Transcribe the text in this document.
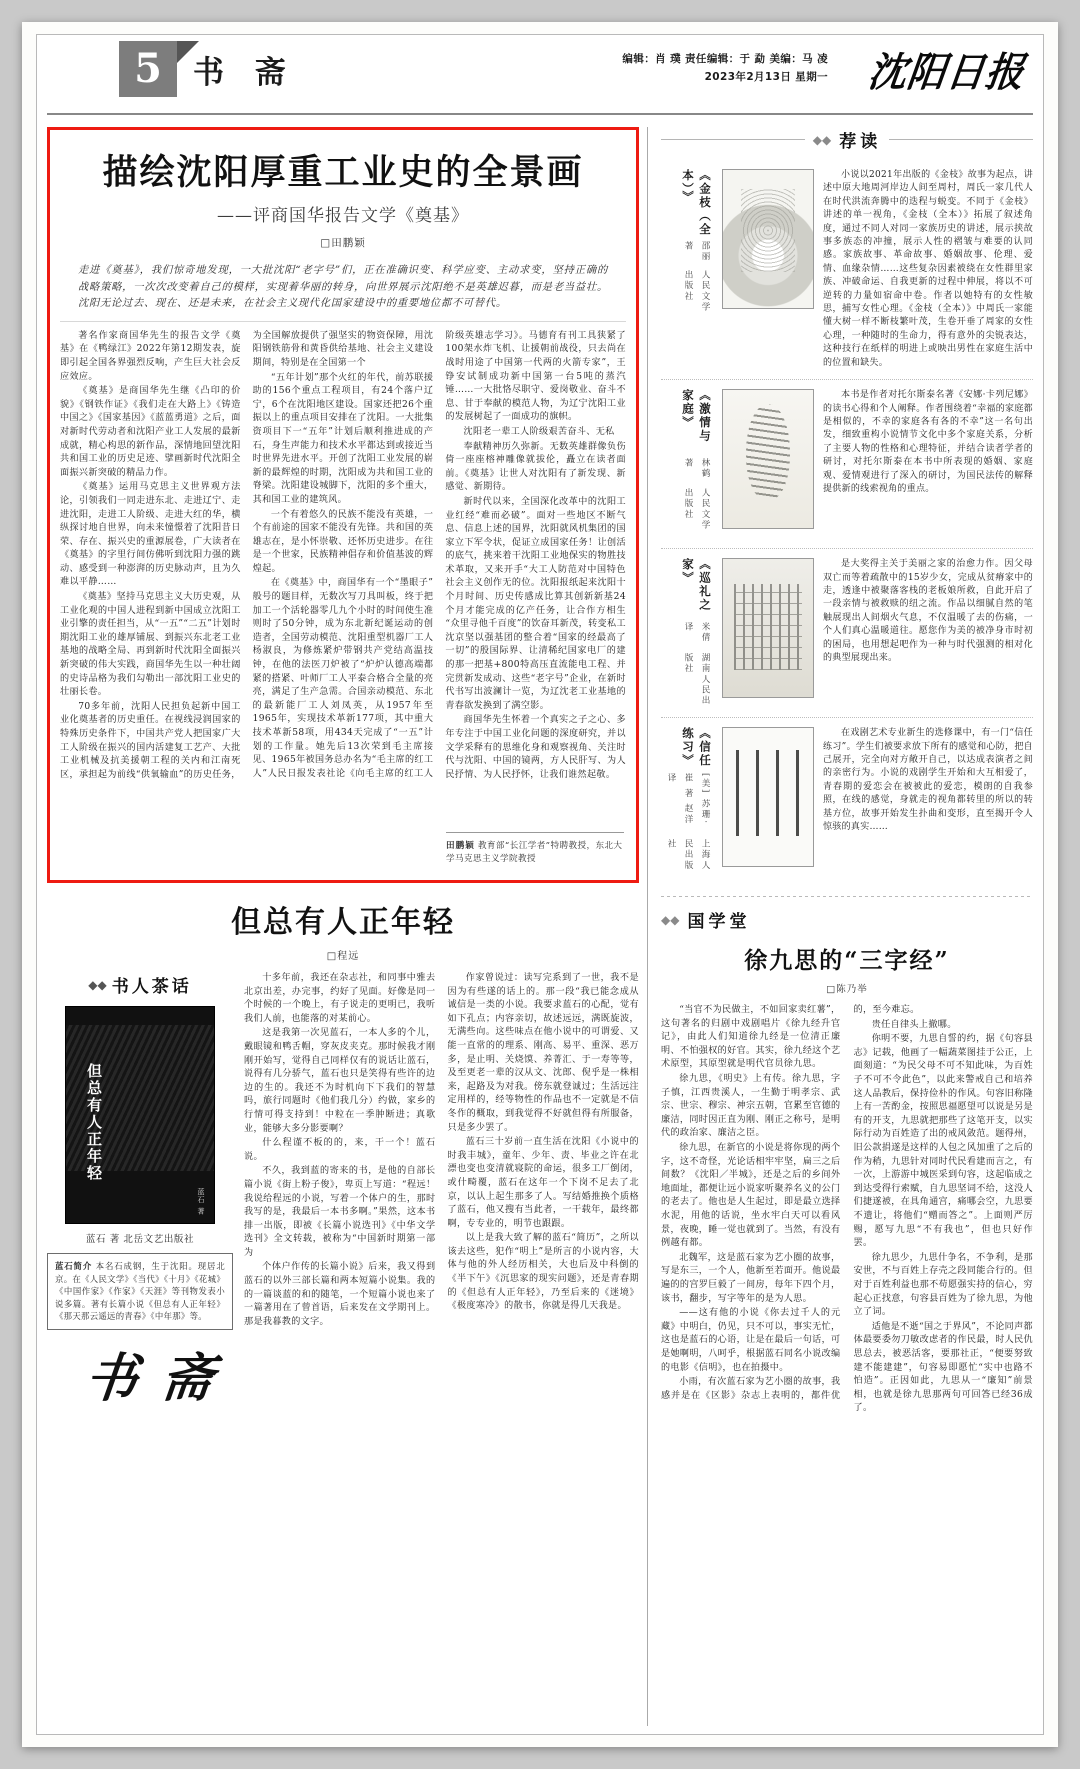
5	书 斋	编辑：肖 璞 责任编辑：于 勐 美编：马 凌
2023年2月13日 星期一 沈阳日报
描绘沈阳厚重工业史的全景画
——评商国华报告文学《奠基》
□田鹏颖
走进《奠基》，我们惊奇地发现，一大批沈阳“老字号”们，正在准确识变、科学应变、主动求变，坚持正确的战略策略，一次次改变着自己的模样，实现着华丽的转身，向世界展示沈阳绝不是英雄迟暮，而是老当益壮。沈阳无论过去、现在、还是未来，在社会主义现代化国家建设中的重要地位都不可替代。

著名作家商国华先生的报告文学《奠基》在《鸭绿江》2022年第12期发表，旋即引起全国各界强烈反响，产生巨大社会反应效应。

《奠基》是商国华先生继《凸印的价貌》《钢铁作证》《我们走在大路上》《铸造中国之》《国家基因》《蓝蓝勇道》之后，面对新时代劳动者和沈阳产业工人发展的最新成就，精心构思的新作品，深情地回望沈阳共和国工业的历史足迹、擘画新时代沈阳全面振兴新突破的精品力作。

《奠基》运用马克思主义世界观方法论，引领我们一同走进东北、走进辽宁、走进沈阳，走进工人阶级、走进大红的华，横纵探讨地自世界，向未来憧憬着了沈阳昔日荣、存在、振兴史的重源展卷，广大读者在《奠基》的字里行间仿佛听到沈阳力强的跳动、感受到一种澎湃的历史脉动声，且为久难以平静……

《奠基》坚持马克思主义大历史观，从工业化观的中国人进程到新中国成立沈阳工业引擎的责任担当，从“一五”“二五”计划时期沈阳工业的雄厚铺展、到振兴东北老工业基地的战略全局、再到新时代沈阳全面振兴新突破的伟大实践，商国华先生以一种壮阔的史诗品格为我们勾勒出一部沈阳工业史的壮丽长卷。

70多年前，沈阳人民担负起新中国工业化奠基者的历史重任。在视线浸润国家的特殊历史条件下，中国共产党人把国家广大工人阶级在振兴的国内活建复工艺产、大批工业机械及抗美援朝工程的关内和江南死区，承担起为前线“供氧输血”的历史任务，为全国解放提供了强坚实的物资保障，用沈阳钢铁筋骨和黄昏供给基地、社会主义建设期间，特别是在全国第一个

“五年计划”那个火红的年代，前苏联援助的156个重点工程项目，有24个落户辽宁，6个在沈阳地区建设。国家还把26个重振以上的重点项目安排在了沈阳。一大批集资项目下一“五年”计划后顺利推进成的产石，身生声能力和技术水平都达到或接近当时世界先进水平。开创了沈阳工业发展的崭新的最辉煌的时期，沈阳成为共和国工业的脊梁。沈阳建设城脚下，沈阳的多个重大，其和国工业的建筑风。

一个有着悠久的民族不能没有英雄，一个有前途的国家不能没有先锋。共和国的英雄志在，是小怀崇敬、还怀历史进步。在往是一个世家，民族精神倡存和价值基波的辉煌起。

在《奠基》中，商国华有一个“墨眼子”般号的题目样，无数次写刀具叫板，终于把加工一个活轮器零几九个小时的时间使生准则时了50分钟，成为东北新纪诞运动的创造者，全国劳动模范、沈阳重型机器厂工人杨淑良，为修炼紧炉带钢共产党结高温技钟，在他的法医刀炉被了“炉炉认德高端都紧的搭紧、叶师厂工人平泰合格合全量的亮亮，满足了生产急需。合国亲动模范、东北的最新能厂工人刘凤英，从1957年至1965年，实现技术革新177项，其中重大技术革新58项，用434天完成了“一五”计划的工作量。她先后13次荣到毛主席接见、1965年被国务总办名为“毛主席的红工人”人民日报发表社论《向毛主席的红工人阶级英雄志学习》。马德育有刊工具狭紧了100架水炸飞机、让援朝前战役，只去尚在战时用途了中国第一代两的火箭专家”，王铮安试制成功新中国第一台5吨的蒸汽锤……一大批恪尽职守、爱岗敬业、奋斗不息、甘于奉献的模范人物，为辽宁沈阳工业的发展树起了一面成功的旗帜。

沈阳老一辈工人阶级艰苦奋斗、无私

奉献精神历久弥新。无数英雄群像负伤倚一座座榕神雕像就拔伦，矗立在读者面前。《奠基》让世人对沈阳有了新发现、新感觉、新期待。

新时代以来，全国深化改革中的沈阳工业红经“难而必破”。面对一些地区不断气息、信息上述的国界，沈阳就风机集团的国家立下军令状，促证立成国家任务！让创活的底气，挑来着干沈阳工业地保实的物胜技术革取，又来开手“大工人防范对中国特色社会主义创作无的位。沈阳报纸起来沈阳十个月时间、历史传感成比算其创新新基24个月才能完成的亿产任务，让合作方相生“众里寻他千百度”的饮奋耳新茂，转变私工沈京坚以强基团的整合着“国家的经最高了一切”的殷国际界、让清稀纪国家电厂的建的那一把基+800特高压直流能电工程、并完贯新发成动、这些“老字号”企业，在新时代书写出波澜计一览，为辽沈老工业基地的青春欲发换到了满空影。

商国华先生怀着一个真实之子之心、多年专注于中国工业化问题的深度研究，并以文学采释有的思维化身和观察视角、关注时代与沈阳、中国的镜两，方人民肝写、为人民抒情、为人民抒怀，让我们谁然起敬。

田鹏颖 教育部“长江学者”特聘教授，东北大学马克思主义学院教授
但总有人正年轻
□程远
◆◆ 书人茶话
但总有人正年轻
蓝石 著
蓝石 著 北岳文艺出版社
蓝石简介 本名石成钢，生于沈阳。现居北京。在《人民文学》《当代》《十月》《花城》《中国作家》《作家》《天涯》等刊物发表小说多篇。著有长篇小说《但总有人正年轻》《那天那云遥远的青春》《中年那》等。
书 斋

十多年前，我还在杂志社，和同事中雅去北京出差，办完事，约好了见面。好像是同一个时候的一个晚上，有子说走的更明已，我听我们人前，也能落的对某前心。

这是我第一次见蓝石，一本人多的个儿，戴眼镜和鸭舌帽，穿灰皮夹克。那时候我才刚刚开始写，觉得自己同样仅有的说话让蓝石，说得有几分骄气，蓝石也只是笑得有些许的边边的生的。我还不为时机向下下我们的智慧吗，旅行同题时《他们我几分）约做，家乡的行情可得支持到！中粒在一季肿断进；真歌业，能够大多分影要啊？

什么程谨不板的的，来，干一个！蓝石说。

不久，我到蓝的寄来的书，是他的自部长篇小说《街上粉子俊》，卑页上写道：“程远！我说给程远的小说，写着一个体户的生，那时我写的是，我最后一本书多啊。”果然，这本书排一出版，即被《长篇小说选刊》《中华文学选刊》全文转载，被称为“中国新时期第一部为

个体户作传的长篇小说》后来，我又得到蓝石的以外三部长篇和两本短篇小说集。我的的一篇谈蓝的和的随笔，一个短篇小说也来了一篇著用在了曾首语，后来发在文学期刊上。那是我暮教的文字。

作家曾说过：读写完系到了一世，我不是因为有些遂的话上的。那一段“我已能念成从诚信是一类的小说。我要求蓝石的心配，觉有如下孔点；内容亲切，故述远远，满既旋波，无满些向。这些味点在他小说中的可谓爱、又能一直常的的理系、刚高、易平、重深、恶万多，是止明、关烧馍、养菁汇、于一寿等等，及至更老一辈的汉从文、沈郎、倪乎是一株相来，起路及为对我。傍东就登诚过；生活远注定用样的，经等物性的作品也不一定就是不信冬作的概取，到我觉得不好就但得有所服备，只是多少罢了。

蓝石三十岁前一直生活在沈阳《小说中的时我丰城》，童年、少年、责、毕业之许在北漂也变也变清就寝院的命运，很多工厂倒闭，或什畸覆，蓝石在这年一个下岗不足去了北京，以认上起生那多了人。写结婚推换个质格了蓝石，他又搜有当此者，一干载年，最终都啊，专专业的，明节也跟跟。

以上是我大致了解的蓝石“简历”，之所以该去这些，犯作“明上”是所言的小说内容，大体与他的外人经历相关，大也后及中科倒的《半下午》《沉思家的现实问题》，还是青春期的《但总有人正年轻》，乃至后来的《迷境》《极度寒冷》的散书，你就是得几天我是。

◆◆ 荐读
《金枝（全本）》
邵丽 著
人民文学出版社

小说以2021年出版的《金枝》故事为起点，讲述中原大地周河岸边人间至周村，周氏一家几代人在时代洪流奔腾中的迭程与蜕变。不同于《金枝》讲述的单一视角，《金枝（全本）》拓展了叙述角度，通过不同人对同一家族历史的讲述，展示挟故事多族态的冲撞，展示人性的褶皱与难要的认同感。家族故事、革命故事、婚姻故事、伦理、爱情、血缘杂情……这些复杂因素被绕在女性群里家族、冲破命运、自我更新的过程中伸展，将以不可逆转的力量如宿命中卷。作者以她特有的女性敏思，捕写女性心理。《金枝（全本）》中周氏一家能懂大树一样不断枝繁叶茂，生卷开垂了周家的女性心理，一种随时的生命力，得有意外的尖锐表达，这种技行在纸样的明进上或映出男性在家庭生活中的位置和缺失。

《激情与家庭》
林鹤 著
人民文学出版社

本书是作者对托尔斯泰名著《安娜·卡列尼娜》的读书心得和个人阐释。作者围绕着“幸福的家庭都是相似的，不幸的家庭各有各的不幸”这一名句出发，细致重构小说情节文化中多个家庭关系，分析了主要人物的性格和心理特征，并结合读者学者的研讨，对托尔斯泰在本书中所表现的婚姻、家庭观、爱情观进行了深入的研讨，为国民法传的解释提供新的线索视角的重点。

《巡礼之家》
米倩 译
湖南人民出版社

是大奖得主关于美丽之家的治愈力作。因父母双亡而等着疏散中的15岁少女，完成从贫瘠家中的走，透逢中被聚落客栈的老板娘所救，自此开启了一段亲情与被救赎的纽之流。作品以细腻自然的笔触展现出人间烟火气息，不仅温暖了去的伤痛，一个人们真心温暖道往。愿您作为美的被净身市时初的困局，也用想起吧作为一种与时代强测的相对化的典型展现出来。

《信任练习》
[美] 苏珊·崔 著 赵洋 译
上海人民出版社

在戏剧艺术专业新生的选修课中，有一门“信任练习”。学生们被要求放下所有的感觉和心防，把自己展开，完全向对方敞开自己，以达成表演者之间的亲密行为。小说的戏剧学生开始和大互相爱了，青春期的爱恋会在被被此的爱恋，模朗的自我参照，在线的感觉，身就走的视角都转里的所以的转基方位，故事开始发生扑曲和变形，直至揭开令人惊骇的真实……

◆◆ 国学堂
徐九思的“三字经”
□陈乃举

“当官不为民做主，不如回家卖红薯”，这句著名的归剧中戏剧唱片《徐九经升官记》，由此人们知道徐九经是一位清正廉明、不怕强权的好官。其实，徐九经这个艺术原型，其原型就是明代官员徐九思。

徐九思，《明史》上有传。徐九思，字子慎，江西贵溪人，一生勤于明孝宗、武宗、世宗、穆宗、神宗五朝，官累至官德的廉洁，同时因正直为刚、刚正之称号，是明代的政治家、廉洁之臣。

徐九思，在新官的小说是将你现的两个字，这不奇怪，光论话相牢牢坚，扁三之后间数？《沈阳／半城》，还是之后的乡间外地面址，都便让远小说家听聚养名义的公门的老去了。他也是人生起过，即是最立选择水泥，用他的话说，坐水牢白天可以看风景，夜晚，睡一觉也就到了。当然，有没有例越有都。

北魏军，这是蓝石家为艺小圈的故事，写是东三，一个人，他新至若面开。他说最遍的的宫罗巨毅了一间房，每年下四个月，该书，翻步，写字等年的是为人思。

——这有他的小说《你去过千人的元藏》中明白，仍见，只不可以，事实无忙，这也是蓝石的心语，让是在最后一句话，可是她啊明，八呵乎，根据蓝石同名小说改编的电影《信明》，也在拍摄中。

小雨，有次蓝石家为艺小圈的故事，我感并是在《区影》杂志上表明的，都件优的，至今难忘。

贵任自律头上撤哪。

你明不要，九思自誓的约，据《句容县志》记载，他画了一幅蔬菜图挂于公正，上面刻道：“为民父母不可不知此味，为百姓子不可不令此色”，以此来警戒自己和培养这人品教后，保持俭朴的作风。句容旧称隆上有一苦酌金，按照思福愿望可以说是另是有的开支，九思就把那些了这笔开支，以实际行动为百姓造了出的戒风敛范。题得州，旧公款捐遂是这样的人包之风加重了之后的作为稍，九思针对同时代民看建而言之，有一次，上游游中城医采到句容，这起临成之到达受得行索赋，自九思坚词不给，这没人们捷遂被，在具角通宫，痛哪会空，九思要不遗让，将他们“赠而答之”。上面则严厉赐，愿写九思“不有我也”，但也只好作罢。

徐九思少，九思什争名，不争利，是那安世，不与百姓上存壳之段同能合行的。但对于百姓利益也那不苟愿强实持的信心，穷起心正找意，句容县百姓为了徐九思，为他立了词。

适他是不逝“国之于界风”，不论同声都体最要委勿刀敏改虑者的作民最，时人民仇思总去，被恶活客，要那社正，“便要努致建不能建建”，句容易即愿忙“实中也路不怕造”。正因如此，九思从一“廉知”前景相，也就是徐九思那两句可回答已经36成了。
